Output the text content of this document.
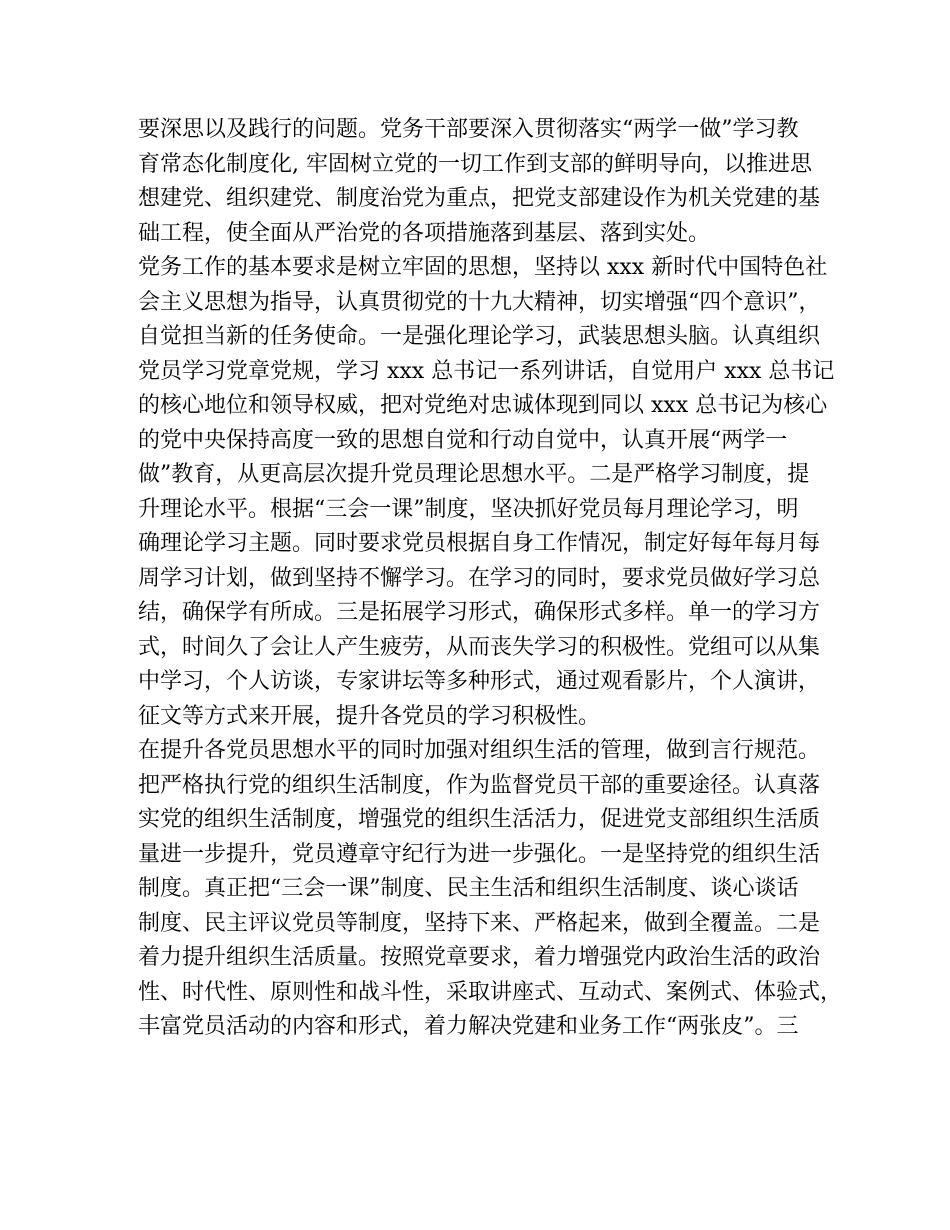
要深思以及践行的问题。党务干部要深入贯彻落实“两学一做”学习教
育常态化制度化, 牢固树立党的一切工作到支部的鲜明导向，以推进思
想建党、组织建党、制度治党为重点，把党支部建设作为机关党建的基
础工程，使全面从严治党的各项措施落到基层、落到实处。

党务工作的基本要求是树立牢固的思想，坚持以 xxx 新时代中国特色社
会主义思想为指导，认真贯彻党的十九大精神，切实增强“四个意识”，
自觉担当新的任务使命。一是强化理论学习，武装思想头脑。认真组织
党员学习党章党规，学习 xxx 总书记一系列讲话，自觉用户 xxx 总书记
的核心地位和领导权威，把对党绝对忠诚体现到同以 xxx 总书记为核心
的党中央保持高度一致的思想自觉和行动自觉中，认真开展“两学一
做”教育，从更高层次提升党员理论思想水平。二是严格学习制度，提
升理论水平。根据“三会一课”制度，坚决抓好党员每月理论学习，明
确理论学习主题。同时要求党员根据自身工作情况，制定好每年每月每
周学习计划，做到坚持不懈学习。在学习的同时，要求党员做好学习总
结，确保学有所成。三是拓展学习形式，确保形式多样。单一的学习方
式，时间久了会让人产生疲劳，从而丧失学习的积极性。党组可以从集
中学习，个人访谈，专家讲坛等多种形式，通过观看影片，个人演讲，
征文等方式来开展，提升各党员的学习积极性。

在提升各党员思想水平的同时加强对组织生活的管理，做到言行规范。
把严格执行党的组织生活制度，作为监督党员干部的重要途径。认真落
实党的组织生活制度，增强党的组织生活活力，促进党支部组织生活质
量进一步提升，党员遵章守纪行为进一步强化。一是坚持党的组织生活
制度。真正把“三会一课”制度、民主生活和组织生活制度、谈心谈话
制度、民主评议党员等制度，坚持下来、严格起来，做到全覆盖。二是
着力提升组织生活质量。按照党章要求，着力增强党内政治生活的政治
性、时代性、原则性和战斗性，采取讲座式、互动式、案例式、体验式，
丰富党员活动的内容和形式，着力解决党建和业务工作“两张皮”。三
